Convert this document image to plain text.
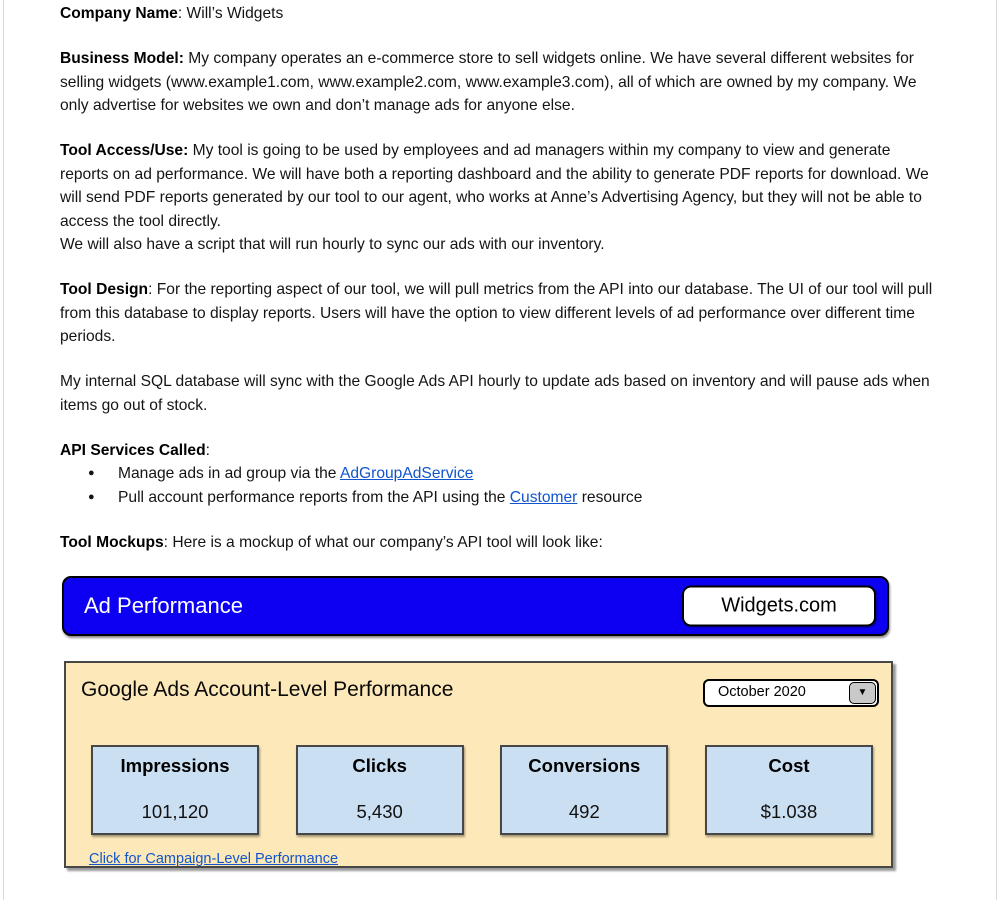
Company Name: Will’s Widgets

Business Model: My company operates an e-commerce store to sell widgets online. We have several different websites for selling widgets (www.example1.com, www.example2.com, www.example3.com), all of which are owned by my company. We only advertise for websites we own and don’t manage ads for anyone else.

Tool Access/Use: My tool is going to be used by employees and ad managers within my company to view and generate reports on ad performance. We will have both a reporting dashboard and the ability to generate PDF reports for download. We will send PDF reports generated by our tool to our agent, who works at Anne’s Advertising Agency, but they will not be able to access the tool directly.
We will also have a script that will run hourly to sync our ads with our inventory.

Tool Design: For the reporting aspect of our tool, we will pull metrics from the API into our database. The UI of our tool will pull from this database to display reports. Users will have the option to view different levels of ad performance over different time periods.

My internal SQL database will sync with the Google Ads API hourly to update ads based on inventory and will pause ads when items go out of stock.

API Services Called:

●	Manage ads in ad group via the AdGroupAdService
●	Pull account performance reports from the API using the Customer resource

Tool Mockups: Here is a mockup of what our company’s API tool will look like:

Ad Performance	Widgets.com
Google Ads Account-Level Performance	October 2020	▼
Impressions
101,120
Clicks
5,430
Conversions
492
Cost
$1.038
Click for Campaign-Level Performance
